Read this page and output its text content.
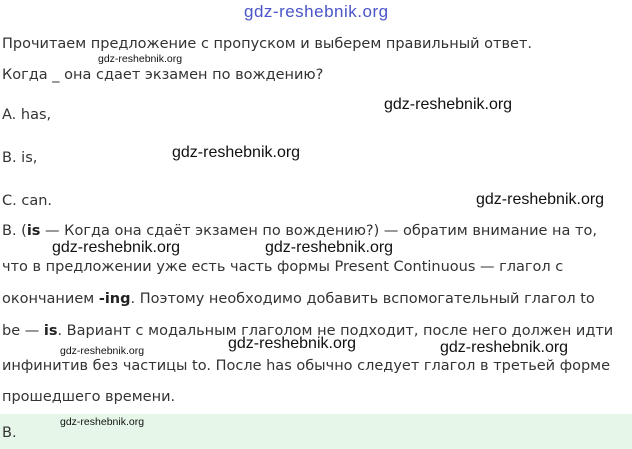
gdz-reshebnik.org
Прочитаем предложение с пропуском и выберем правильный ответ.
gdz-reshebnik.org
Когда _ она сдает экзамен по вождению?
A. has,
gdz-reshebnik.org
B. is,	gdz-reshebnik.org
C. can.	gdz-reshebnik.org
B. (is — Когда она сдаёт экзамен по вождению?) — обратим внимание на то,
gdz-reshebnik.org	gdz-reshebnik.org
что в предложении уже есть часть формы Present Continuous — глагол с
окончанием -ing. Поэтому необходимо добавить вспомогательный глагол to
be — is. Вариант с модальным глаголом не подходит, после него должен идти
gdz-reshebnik.org	gdz-reshebnik.org
gdz-reshebnik.org
инфинитив без частицы to. После has обычно следует глагол в третьей форме
прошедшего времени.
B.
gdz-reshebnik.org
